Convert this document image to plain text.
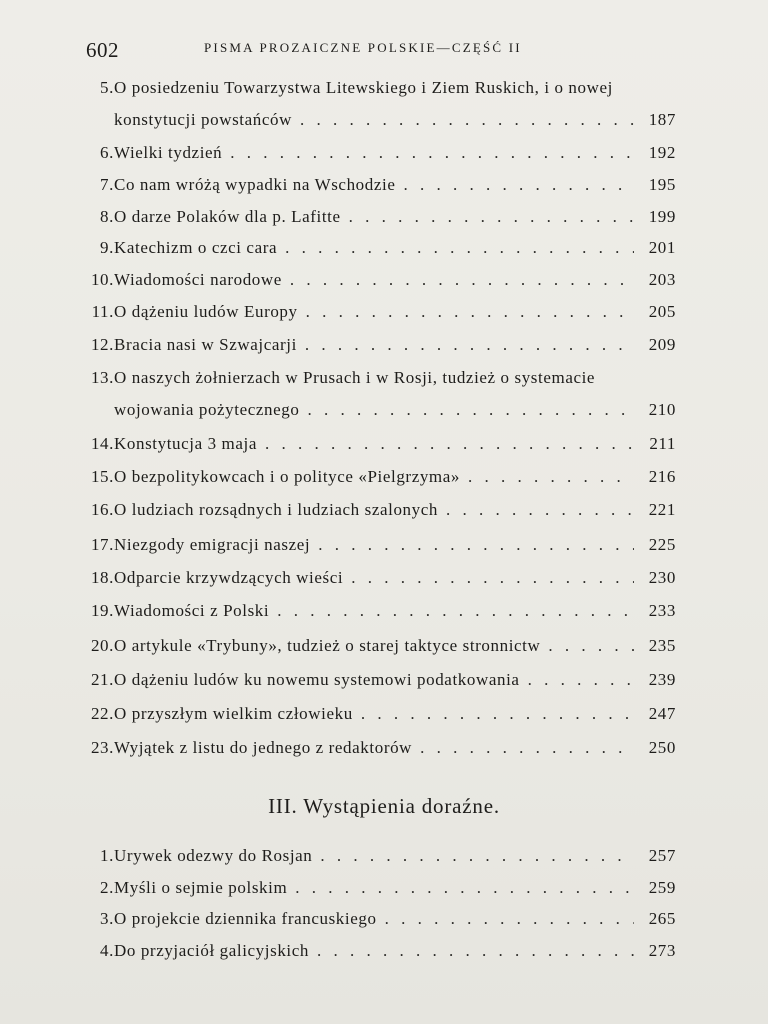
602	PISMA PROZAICZNE POLSKIE—CZĘŚĆ II
5. O posiedzeniu Towarzystwa Litewskiego i Ziem Ruskich, i o nowej
konstytucji powstańców . . .	187
6. Wielki tydzień . . .	192
7. Co nam wróżą wypadki na Wschodzie . . .	195
8. O darze Polaków dla p. Lafitte . . .	199
9. Katechizm o czci cara . . .	201
10. Wiadomości narodowe . . .	203
11. O dążeniu ludów Europy . . .	205
12. Bracia nasi w Szwajcarji . . .	209
13. O naszych żołnierzach w Prusach i w Rosji, tudzież o systemacie
wojowania pożytecznego . . .	210
14. Konstytucja 3 maja . . .	211
15. O bezpolitykowcach i o polityce «Pielgrzyma» . . .	216
16. O ludziach rozsądnych i ludziach szalonych . . .	221
17. Niezgody emigracji naszej . . .	225
18. Odparcie krzywdzących wieści . . .	230
19. Wiadomości z Polski . . .	233
20. O artykule «Trybuny», tudzież o starej taktyce stronnictw . . .	235
21. O dążeniu ludów ku nowemu systemowi podatkowania . . .	239
22. O przyszłym wielkim człowieku . . .	247
23. Wyjątek z listu do jednego z redaktorów . . .	250
III. Wystąpienia doraźne.
1. Urywek odezwy do Rosjan . . .	257
2. Myśli o sejmie polskim . . .	259
3. O projekcie dziennika francuskiego . . .	265
4. Do przyjaciół galicyjskich . . .	273
